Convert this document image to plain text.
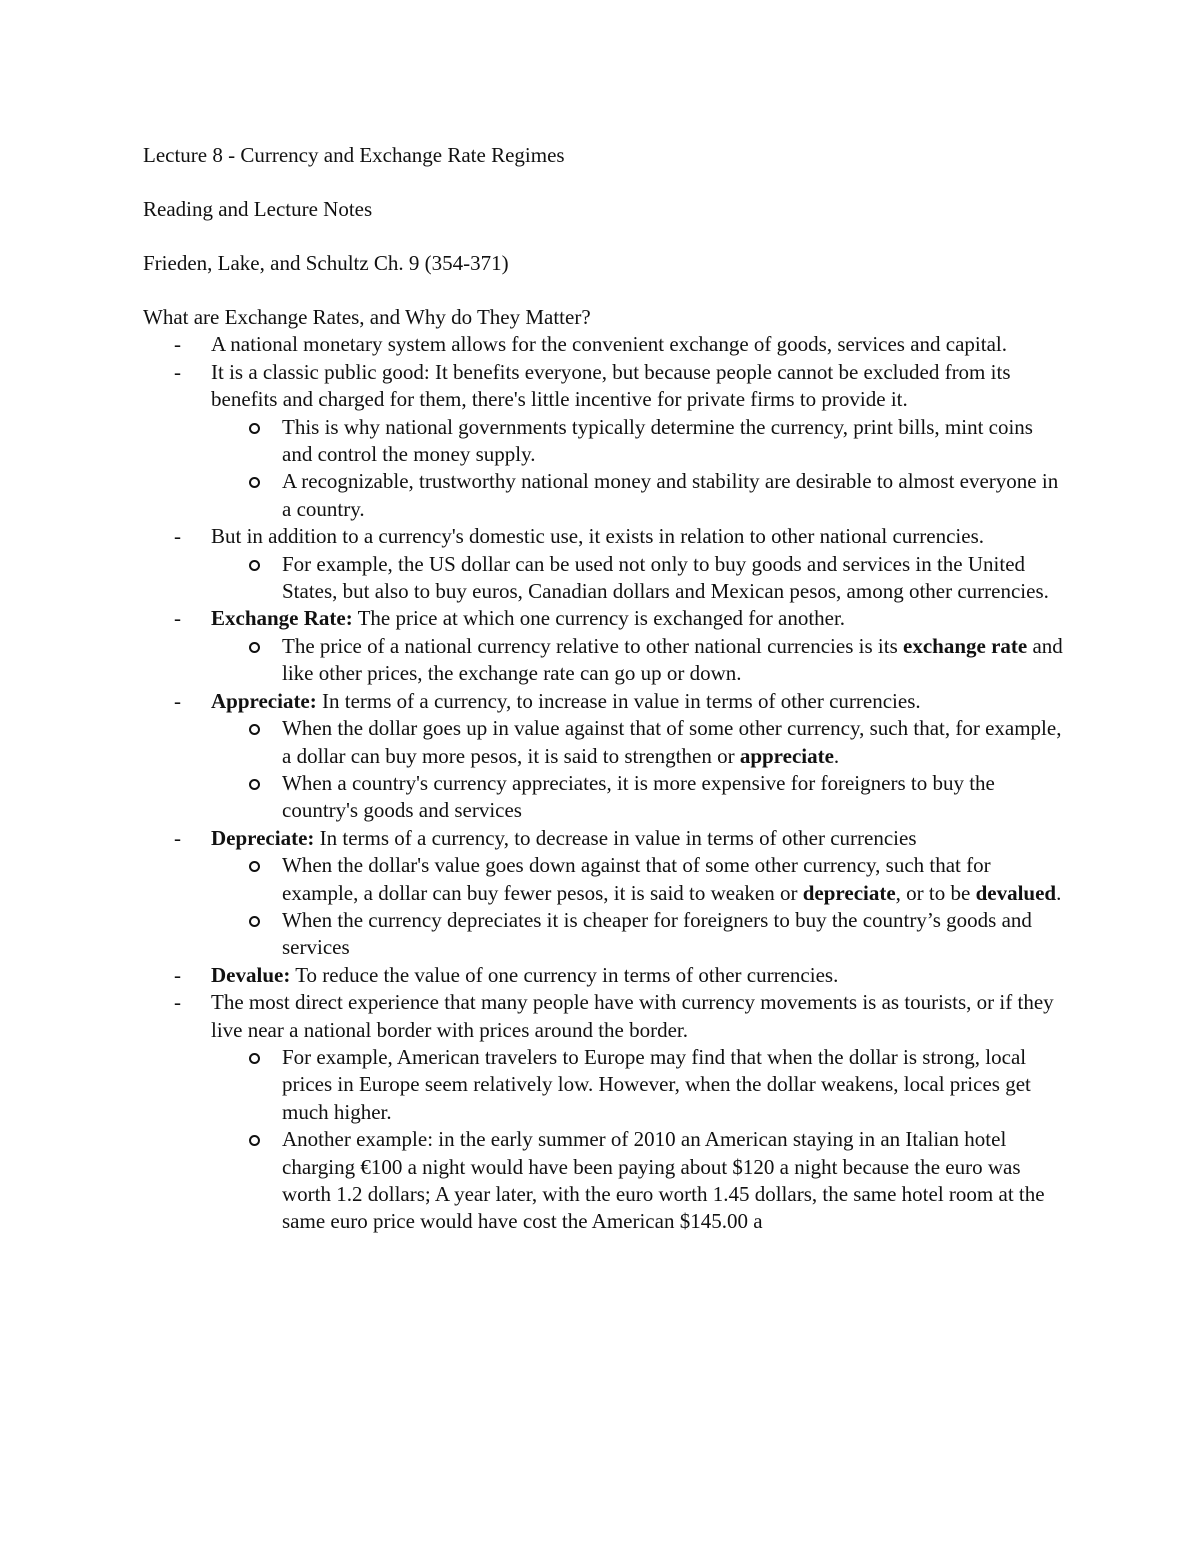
Lecture 8 - Currency and Exchange Rate Regimes

Reading and Lecture Notes

Frieden, Lake, and Schultz Ch. 9 (354-371)

What are Exchange Rates, and Why do They Matter?

- A national monetary system allows for the convenient exchange of goods, services and capital.
- It is a classic public good: It benefits everyone, but because people cannot be excluded from its benefits and charged for them, there's little incentive for private firms to provide it.
This is why national governments typically determine the currency, print bills, mint coins and control the money supply.
A recognizable, trustworthy national money and stability are desirable to almost everyone in a country.
- But in addition to a currency's domestic use, it exists in relation to other national currencies.
For example, the US dollar can be used not only to buy goods and services in the United States, but also to buy euros, Canadian dollars and Mexican pesos, among other currencies.
- Exchange Rate: The price at which one currency is exchanged for another.
The price of a national currency relative to other national currencies is its exchange rate and like other prices, the exchange rate can go up or down.
- Appreciate: In terms of a currency, to increase in value in terms of other currencies.
When the dollar goes up in value against that of some other currency, such that, for example, a dollar can buy more pesos, it is said to strengthen or appreciate.
When a country's currency appreciates, it is more expensive for foreigners to buy the country's goods and services
- Depreciate: In terms of a currency, to decrease in value in terms of other currencies
When the dollar's value goes down against that of some other currency, such that for example, a dollar can buy fewer pesos, it is said to weaken or depreciate, or to be devalued.
When the currency depreciates it is cheaper for foreigners to buy the country’s goods and services
- Devalue: To reduce the value of one currency in terms of other currencies.
- The most direct experience that many people have with currency movements is as tourists, or if they live near a national border with prices around the border.
For example, American travelers to Europe may find that when the dollar is strong, local prices in Europe seem relatively low. However, when the dollar weakens, local prices get much higher.
Another example: in the early summer of 2010 an American staying in an Italian hotel charging €100 a night would have been paying about $120 a night because the euro was worth 1.2 dollars; A year later, with the euro worth 1.45 dollars, the same hotel room at the same euro price would have cost the American $145.00 a
